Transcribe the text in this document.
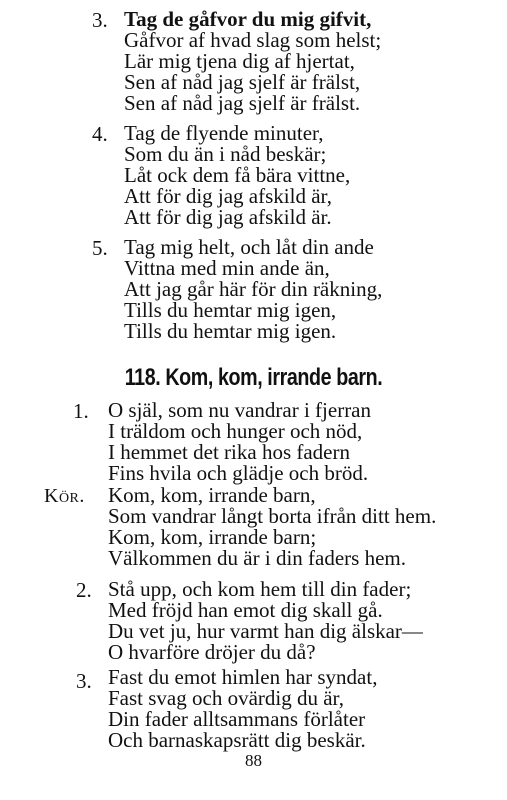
3. Tag de gåfvor du mig gifvit,
Gåfvor af hvad slag som helst;
Lär mig tjena dig af hjertat,
Sen af nåd jag sjelf är frälst,
Sen af nåd jag sjelf är frälst.
4. Tag de flyende minuter,
Som du än i nåd beskär;
Låt ock dem få bära vittne,
Att för dig jag afskild är,
Att för dig jag afskild är.
5. Tag mig helt, och låt din ande
Vittna med min ande än,
Att jag går här för din räkning,
Tills du hemtar mig igen,
Tills du hemtar mig igen.
118. Kom, kom, irrande barn.
1. O själ, som nu vandrar i fjerran
I träldom och hunger och nöd,
I hemmet det rika hos fadern
Fins hvila och glädje och bröd.
Kör. Kom, kom, irrande barn,
Som vandrar långt borta ifrån ditt hem.
Kom, kom, irrande barn;
Välkommen du är i din faders hem.
2. Stå upp, och kom hem till din fader;
Med fröjd han emot dig skall gå.
Du vet ju, hur varmt han dig älskar—
O hvarföre dröjer du då?
3. Fast du emot himlen har syndat,
Fast svag och ovärdig du är,
Din fader alltsammans förlåter
Och barnaskapsrätt dig beskär.
88
